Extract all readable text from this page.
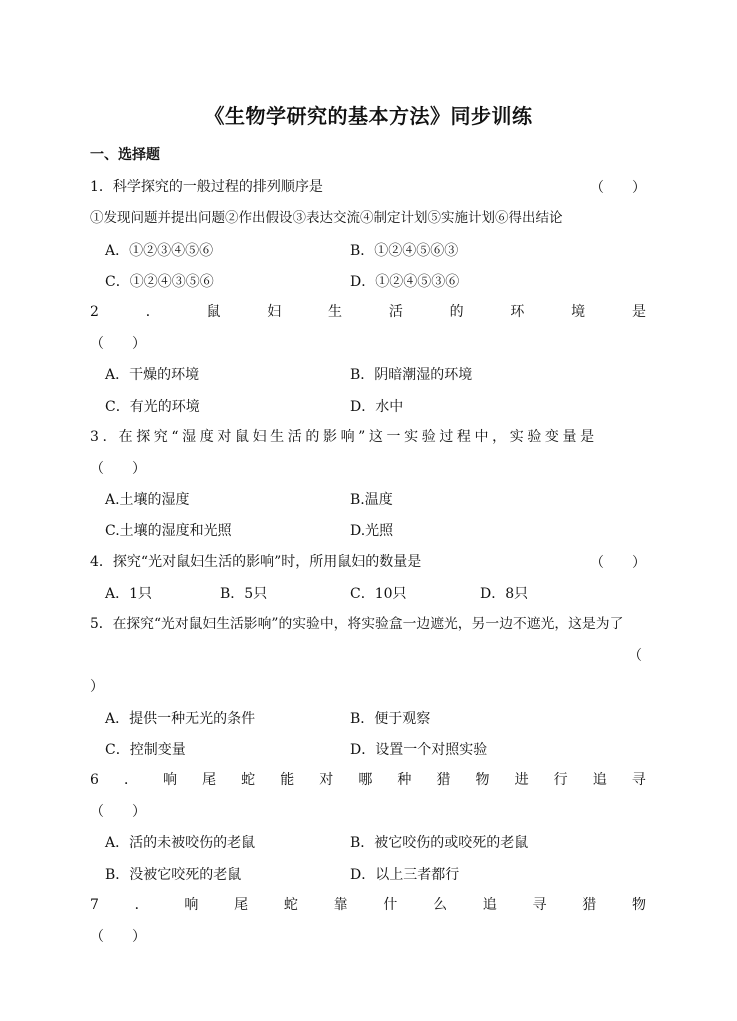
《生物学研究的基本方法》同步训练
一、选择题
1．科学探究的一般过程的排列顺序是	（　　）
①发现问题并提出问题②作出假设③表达交流④制定计划⑤实施计划⑥得出结论
A．①②③④⑤⑥	B．①②④⑤⑥③
C．①②④③⑤⑥	D．①②④⑤③⑥
2	．	鼠	妇	生	活	的	环	境	是
（　　）
A．干燥的环境	B．阴暗潮湿的环境
C．有光的环境	D．水中
3. 在探究“湿度对鼠妇生活的影响”这一实验过程中，实验变量是
（　　）
A.土壤的湿度	B.温度
C.土壤的湿度和光照	D.光照
4．探究“光对鼠妇生活的影响”时，所用鼠妇的数量是	（　　）
A．1只	B．5只	C．10只	D．8只
5．在探究“光对鼠妇生活影响”的实验中，将实验盒一边遮光，另一边不遮光，这是为了
（
）
A．提供一种无光的条件	B．便于观察
C．控制变量	D．设置一个对照实验
6 ． 响 尾 蛇 能 对 哪 种 猎 物 进 行 追 寻
（　　）
A．活的未被咬伤的老鼠	B．被它咬伤的或咬死的老鼠
B．没被它咬死的老鼠	D．以上三者都行
7	．	响	尾	蛇	靠	什	么	追	寻	猎	物
（　　）
